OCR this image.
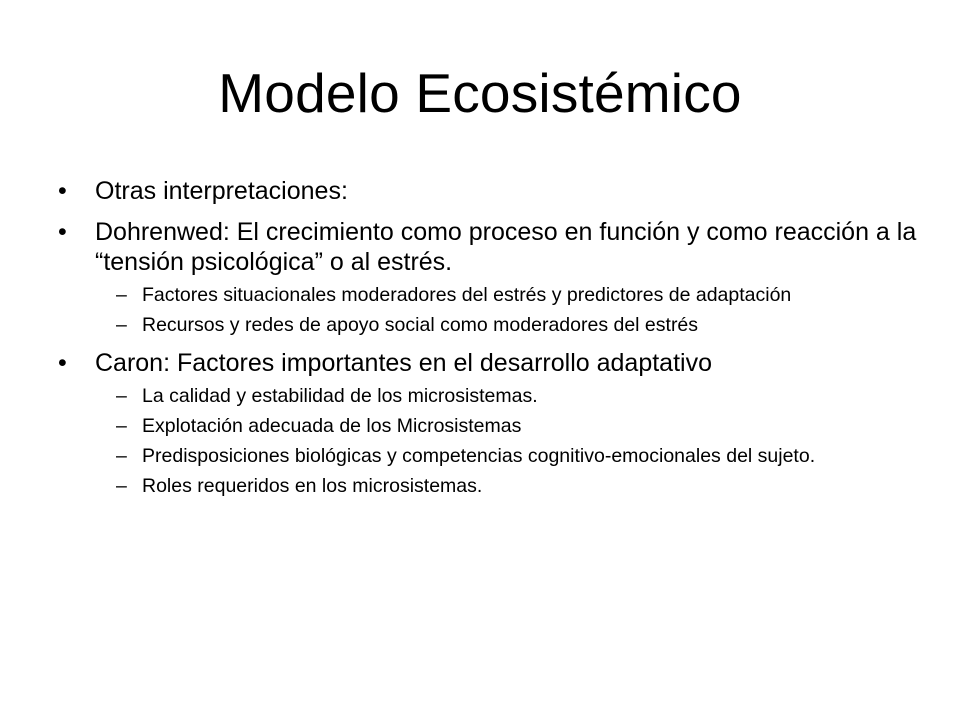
Modelo Ecosistémico
•	Otras interpretaciones:
•	Dohrenwed: El crecimiento como proceso en función y como reacción a la “tensión psicológica” o al estrés.
– Factores situacionales moderadores del estrés y predictores de adaptación
– Recursos y redes de apoyo social como moderadores del estrés
•	Caron: Factores importantes en el desarrollo adaptativo
– La calidad y estabilidad de los microsistemas.
– Explotación adecuada de los Microsistemas
– Predisposiciones biológicas y competencias cognitivo-emocionales del sujeto.
– Roles requeridos en los microsistemas.
